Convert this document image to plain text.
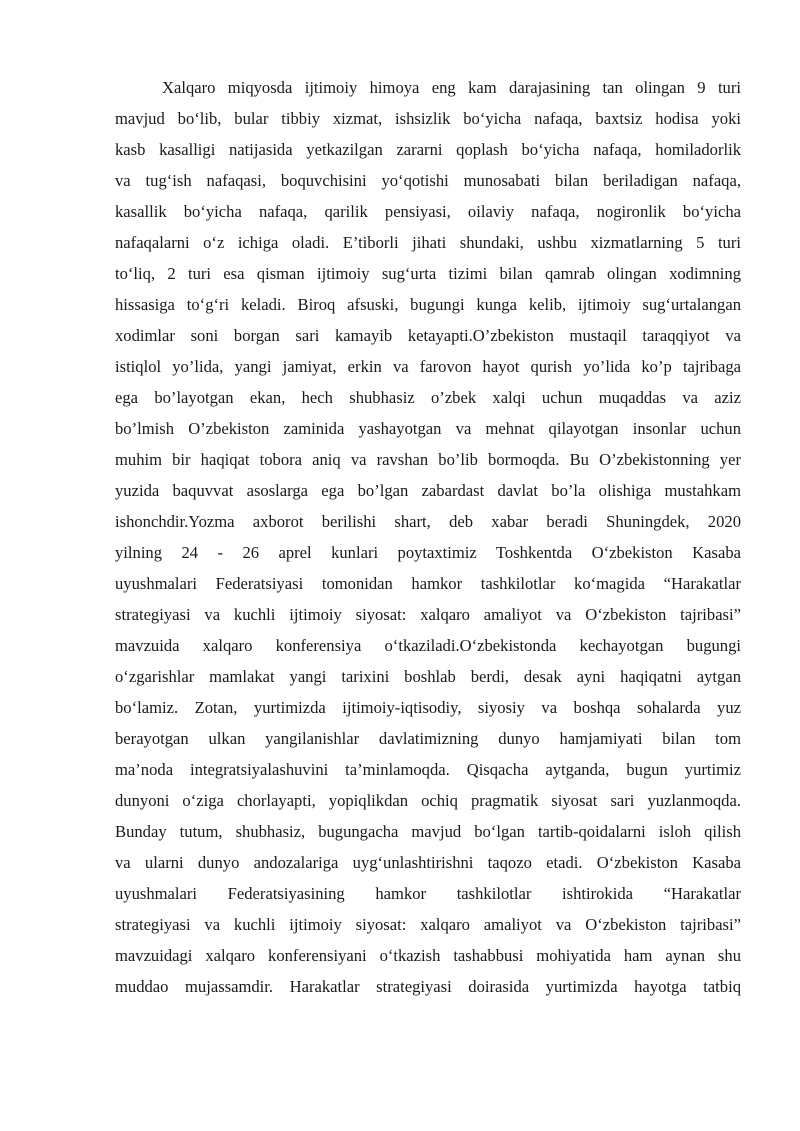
Xalqaro miqyosda ijtimoiy himoya eng kam darajasining tan olingan 9 turi
mavjud bo‘lib, bular tibbiy xizmat, ishsizlik bo‘yicha nafaqa, baxtsiz hodisa yoki
kasb kasalligi natijasida yetkazilgan zararni qoplash bo‘yicha nafaqa, homiladorlik
va tug‘ish nafaqasi, boquvchisini yo‘qotishi munosabati bilan beriladigan nafaqa,
kasallik bo‘yicha nafaqa, qarilik pensiyasi, oilaviy nafaqa, nogironlik bo‘yicha
nafaqalarni o‘z ichiga oladi. E’tiborli jihati shundaki, ushbu xizmatlarning 5 turi
to‘liq, 2 turi esa qisman ijtimoiy sug‘urta tizimi bilan qamrab olingan xodimning
hissasiga to‘g‘ri keladi. Biroq afsuski, bugungi kunga kelib, ijtimoiy sug‘urtalangan
xodimlar soni borgan sari kamayib ketayapti.O’zbekiston mustaqil taraqqiyot va
istiqlol yo’lida, yangi jamiyat, erkin va farovon hayot qurish yo’lida ko’p tajribaga
ega bo’layotgan ekan, hech shubhasiz o’zbek xalqi uchun muqaddas va aziz
bo’lmish O’zbekiston zaminida yashayotgan va mehnat qilayotgan insonlar uchun
muhim bir haqiqat tobora aniq va ravshan bo’lib bormoqda. Bu O’zbekistonning yer
yuzida baquvvat asoslarga ega bo’lgan zabardast davlat bo’la olishiga mustahkam
ishonchdir.Yozma axborot berilishi shart, deb xabar beradi Shuningdek, 2020
yilning 24 - 26 aprel kunlari poytaxtimiz Toshkentda O‘zbekiston Kasaba
uyushmalari Federatsiyasi tomonidan hamkor tashkilotlar ko‘magida “Harakatlar
strategiyasi va kuchli ijtimoiy siyosat: xalqaro amaliyot va O‘zbekiston tajribasi”
mavzuida xalqaro konferensiya o‘tkaziladi.O‘zbekistonda kechayotgan bugungi
o‘zgarishlar mamlakat yangi tarixini boshlab berdi, desak ayni haqiqatni aytgan
bo‘lamiz. Zotan, yurtimizda ijtimoiy-iqtisodiy, siyosiy va boshqa sohalarda yuz
berayotgan ulkan yangilanishlar davlatimizning dunyo hamjamiyati bilan tom
ma’noda integratsiyalashuvini ta’minlamoqda. Qisqacha aytganda, bugun yurtimiz
dunyoni o‘ziga chorlayapti, yopiqlikdan ochiq pragmatik siyosat sari yuzlanmoqda.
Bunday tutum, shubhasiz, bugungacha mavjud bo‘lgan tartib-qoidalarni isloh qilish
va ularni dunyo andozalariga uyg‘unlashtirishni taqozo etadi. O‘zbekiston Kasaba
uyushmalari Federatsiyasining hamkor tashkilotlar ishtirokida “Harakatlar
strategiyasi va kuchli ijtimoiy siyosat: xalqaro amaliyot va O‘zbekiston tajribasi”
mavzuidagi xalqaro konferensiyani o‘tkazish tashabbusi mohiyatida ham aynan shu
muddao mujassamdir. Harakatlar strategiyasi doirasida yurtimizda hayotga tatbiq
